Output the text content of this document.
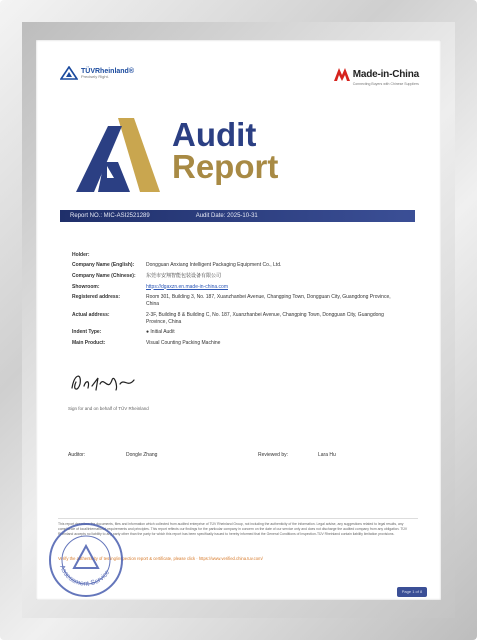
TÜVRheinland®
Precisely Right.	Made-in-China
Connecting Buyers with Chinese Suppliers
Audit
Report
Report NO.: MIC-ASI2521289	Audit Date: 2025-10-31
Holder:
Company Name (English):	Dongguan Anxiang Intelligent Packaging Equipment Co., Ltd.
Company Name (Chinese):	东莞市安翔智能包装设备有限公司
Showroom:	https://dgaxzn.en.made-in-china.com
Registered address:	Room 301, Building 3, No. 187, Xuanzhanbei Avenue, Changping Town, Dongguan City, Guangdong Province, China
Actual address:	2-3F, Building 8 & Building C, No. 187, Xuanzhanbei Avenue, Changping Town, Dongguan City, Guangdong Province, China
Indent Type:	● Initial Audit
Main Product:	Visual Counting Packing Machine
Sign for and on behalf of TÜV Rheinland
Auditor:	Dongle Zhang	Reviewed by:	Lara Hu
This report describes the documents, files and information which collected from audited enterprise of TÜV Rheinland Group, not including the authenticity of the information. Legal advise, any suggestions related to legal results, any compliance of local/international requirements and principles. This report reflects our findings for the particular company in concern on the date of our service only and does not discharge the audited company from any obligation. TÜV Rheinland accepts no liability to any party other than the party for which this report has been specifically issued to hereby informed that the General Conditions of Inspection-TÜV Rheinland contain liability limitation provisions.
Verify the authenticity of testing/inspection report & certificate, please click · https://www.verified.china.tuv.com/
Assessment Service
Page 1 of 8
